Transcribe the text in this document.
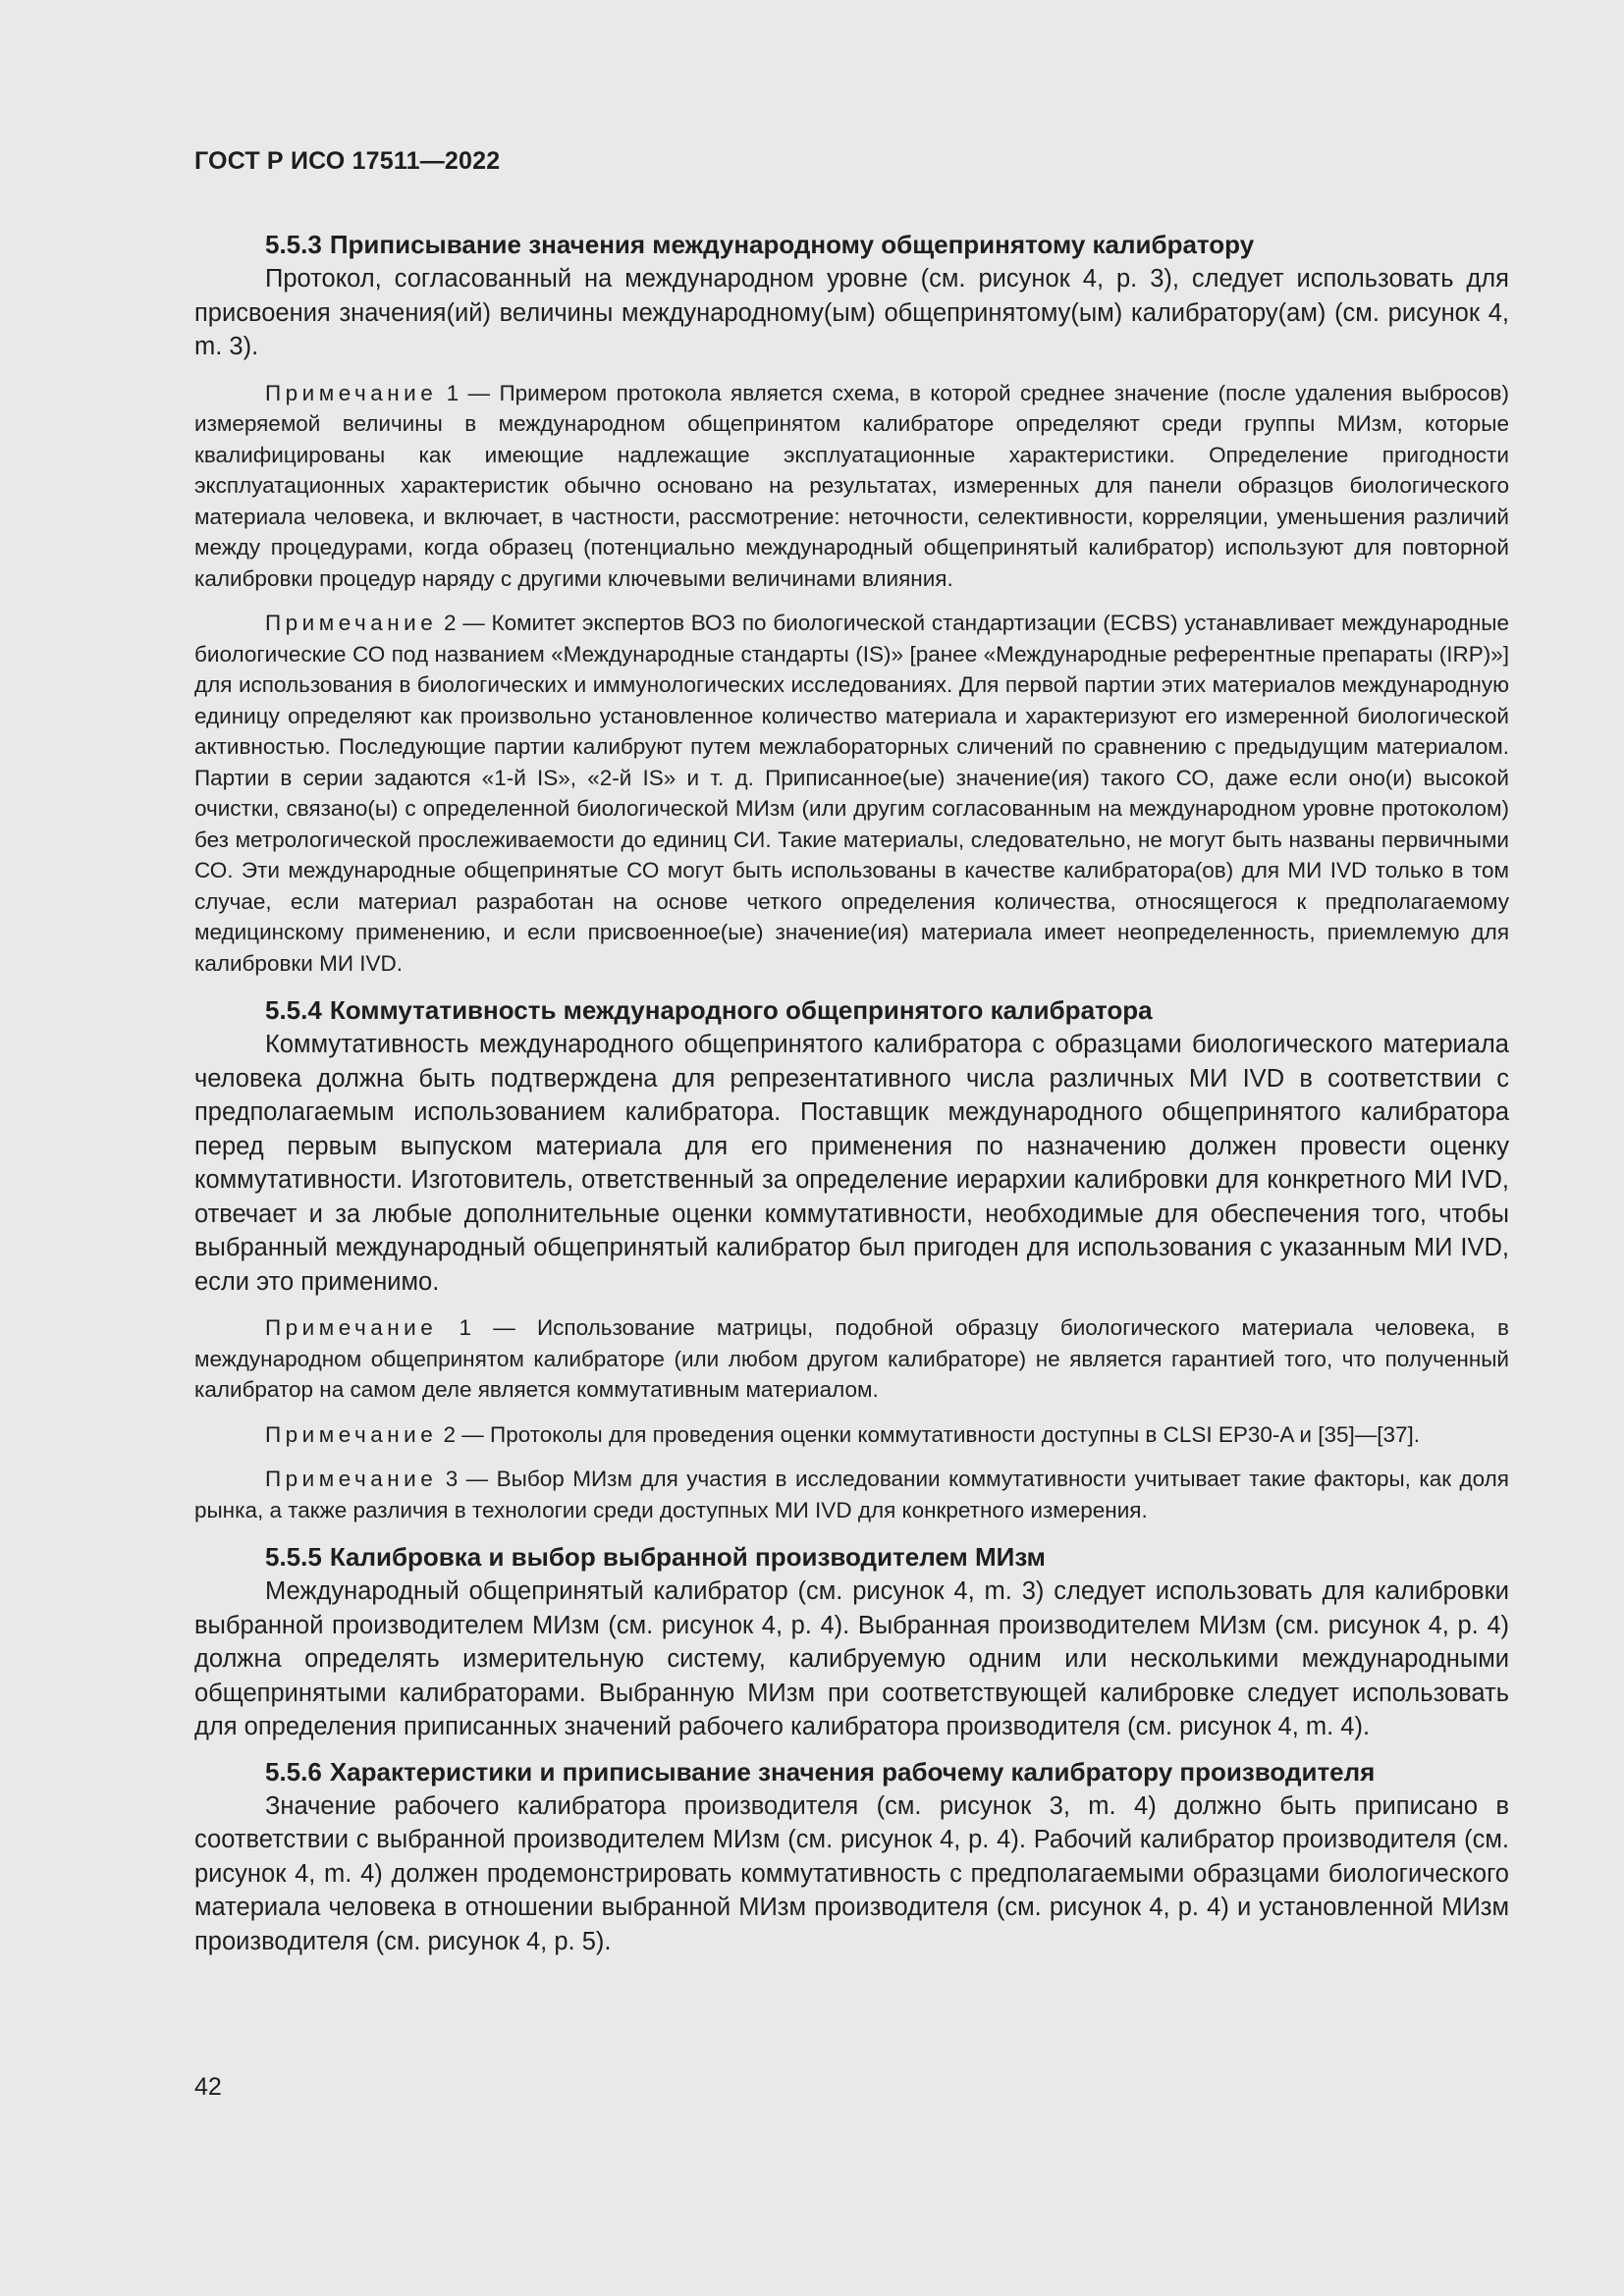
ГОСТ Р ИСО 17511—2022
5.5.3 Приписывание значения международному общепринятому калибратору

Протокол, согласованный на международном уровне (см. рисунок 4, p. 3), следует использовать для присвоения значения(ий) величины международному(ым) общепринятому(ым) калибратору(ам) (см. рисунок 4, m. 3).

Примечание 1 — Примером протокола является схема, в которой среднее значение (после удаления выбросов) измеряемой величины в международном общепринятом калибраторе определяют среди группы МИзм, которые квалифицированы как имеющие надлежащие эксплуатационные характеристики. Определение пригодности эксплуатационных характеристик обычно основано на результатах, измеренных для панели образцов биологического материала человека, и включает, в частности, рассмотрение: неточности, селективности, корреляции, уменьшения различий между процедурами, когда образец (потенциально международный общепринятый калибратор) используют для повторной калибровки процедур наряду с другими ключевыми величинами влияния.

Примечание 2 — Комитет экспертов ВОЗ по биологической стандартизации (ECBS) устанавливает международные биологические СО под названием «Международные стандарты (IS)» [ранее «Международные референтные препараты (IRP)»] для использования в биологических и иммунологических исследованиях. Для первой партии этих материалов международную единицу определяют как произвольно установленное количество материала и характеризуют его измеренной биологической активностью. Последующие партии калибруют путем межлабораторных сличений по сравнению с предыдущим материалом. Партии в серии задаются «1-й IS», «2-й IS» и т. д. Приписанное(ые) значение(ия) такого СО, даже если оно(и) высокой очистки, связано(ы) с определенной биологической МИзм (или другим согласованным на международном уровне протоколом) без метрологической прослеживаемости до единиц СИ. Такие материалы, следовательно, не могут быть названы первичными СО. Эти международные общепринятые СО могут быть использованы в качестве калибратора(ов) для МИ IVD только в том случае, если материал разработан на основе четкого определения количества, относящегося к предполагаемому медицинскому применению, и если присвоенное(ые) значение(ия) материала имеет неопределенность, приемлемую для калибровки МИ IVD.

5.5.4 Коммутативность международного общепринятого калибратора

Коммутативность международного общепринятого калибратора с образцами биологического материала человека должна быть подтверждена для репрезентативного числа различных МИ IVD в соответствии с предполагаемым использованием калибратора. Поставщик международного общепринятого калибратора перед первым выпуском материала для его применения по назначению должен провести оценку коммутативности. Изготовитель, ответственный за определение иерархии калибровки для конкретного МИ IVD, отвечает и за любые дополнительные оценки коммутативности, необходимые для обеспечения того, чтобы выбранный международный общепринятый калибратор был пригоден для использования с указанным МИ IVD, если это применимо.

Примечание 1 — Использование матрицы, подобной образцу биологического материала человека, в международном общепринятом калибраторе (или любом другом калибраторе) не является гарантией того, что полученный калибратор на самом деле является коммутативным материалом.

Примечание 2 — Протоколы для проведения оценки коммутативности доступны в CLSI EP30-A и [35]—[37].

Примечание 3 — Выбор МИзм для участия в исследовании коммутативности учитывает такие факторы, как доля рынка, а также различия в технологии среди доступных МИ IVD для конкретного измерения.

5.5.5 Калибровка и выбор выбранной производителем МИзм

Международный общепринятый калибратор (см. рисунок 4, m. 3) следует использовать для калибровки выбранной производителем МИзм (см. рисунок 4, p. 4). Выбранная производителем МИзм (см. рисунок 4, p. 4) должна определять измерительную систему, калибруемую одним или несколькими международными общепринятыми калибраторами. Выбранную МИзм при соответствующей калибровке следует использовать для определения приписанных значений рабочего калибратора производителя (см. рисунок 4, m. 4).

5.5.6 Характеристики и приписывание значения рабочему калибратору производителя

Значение рабочего калибратора производителя (см. рисунок 3, m. 4) должно быть приписано в соответствии с выбранной производителем МИзм (см. рисунок 4, p. 4). Рабочий калибратор производителя (см. рисунок 4, m. 4) должен продемонстрировать коммутативность с предполагаемыми образцами биологического материала человека в отношении выбранной МИзм производителя (см. рисунок 4, p. 4) и установленной МИзм производителя (см. рисунок 4, p. 5).

42
